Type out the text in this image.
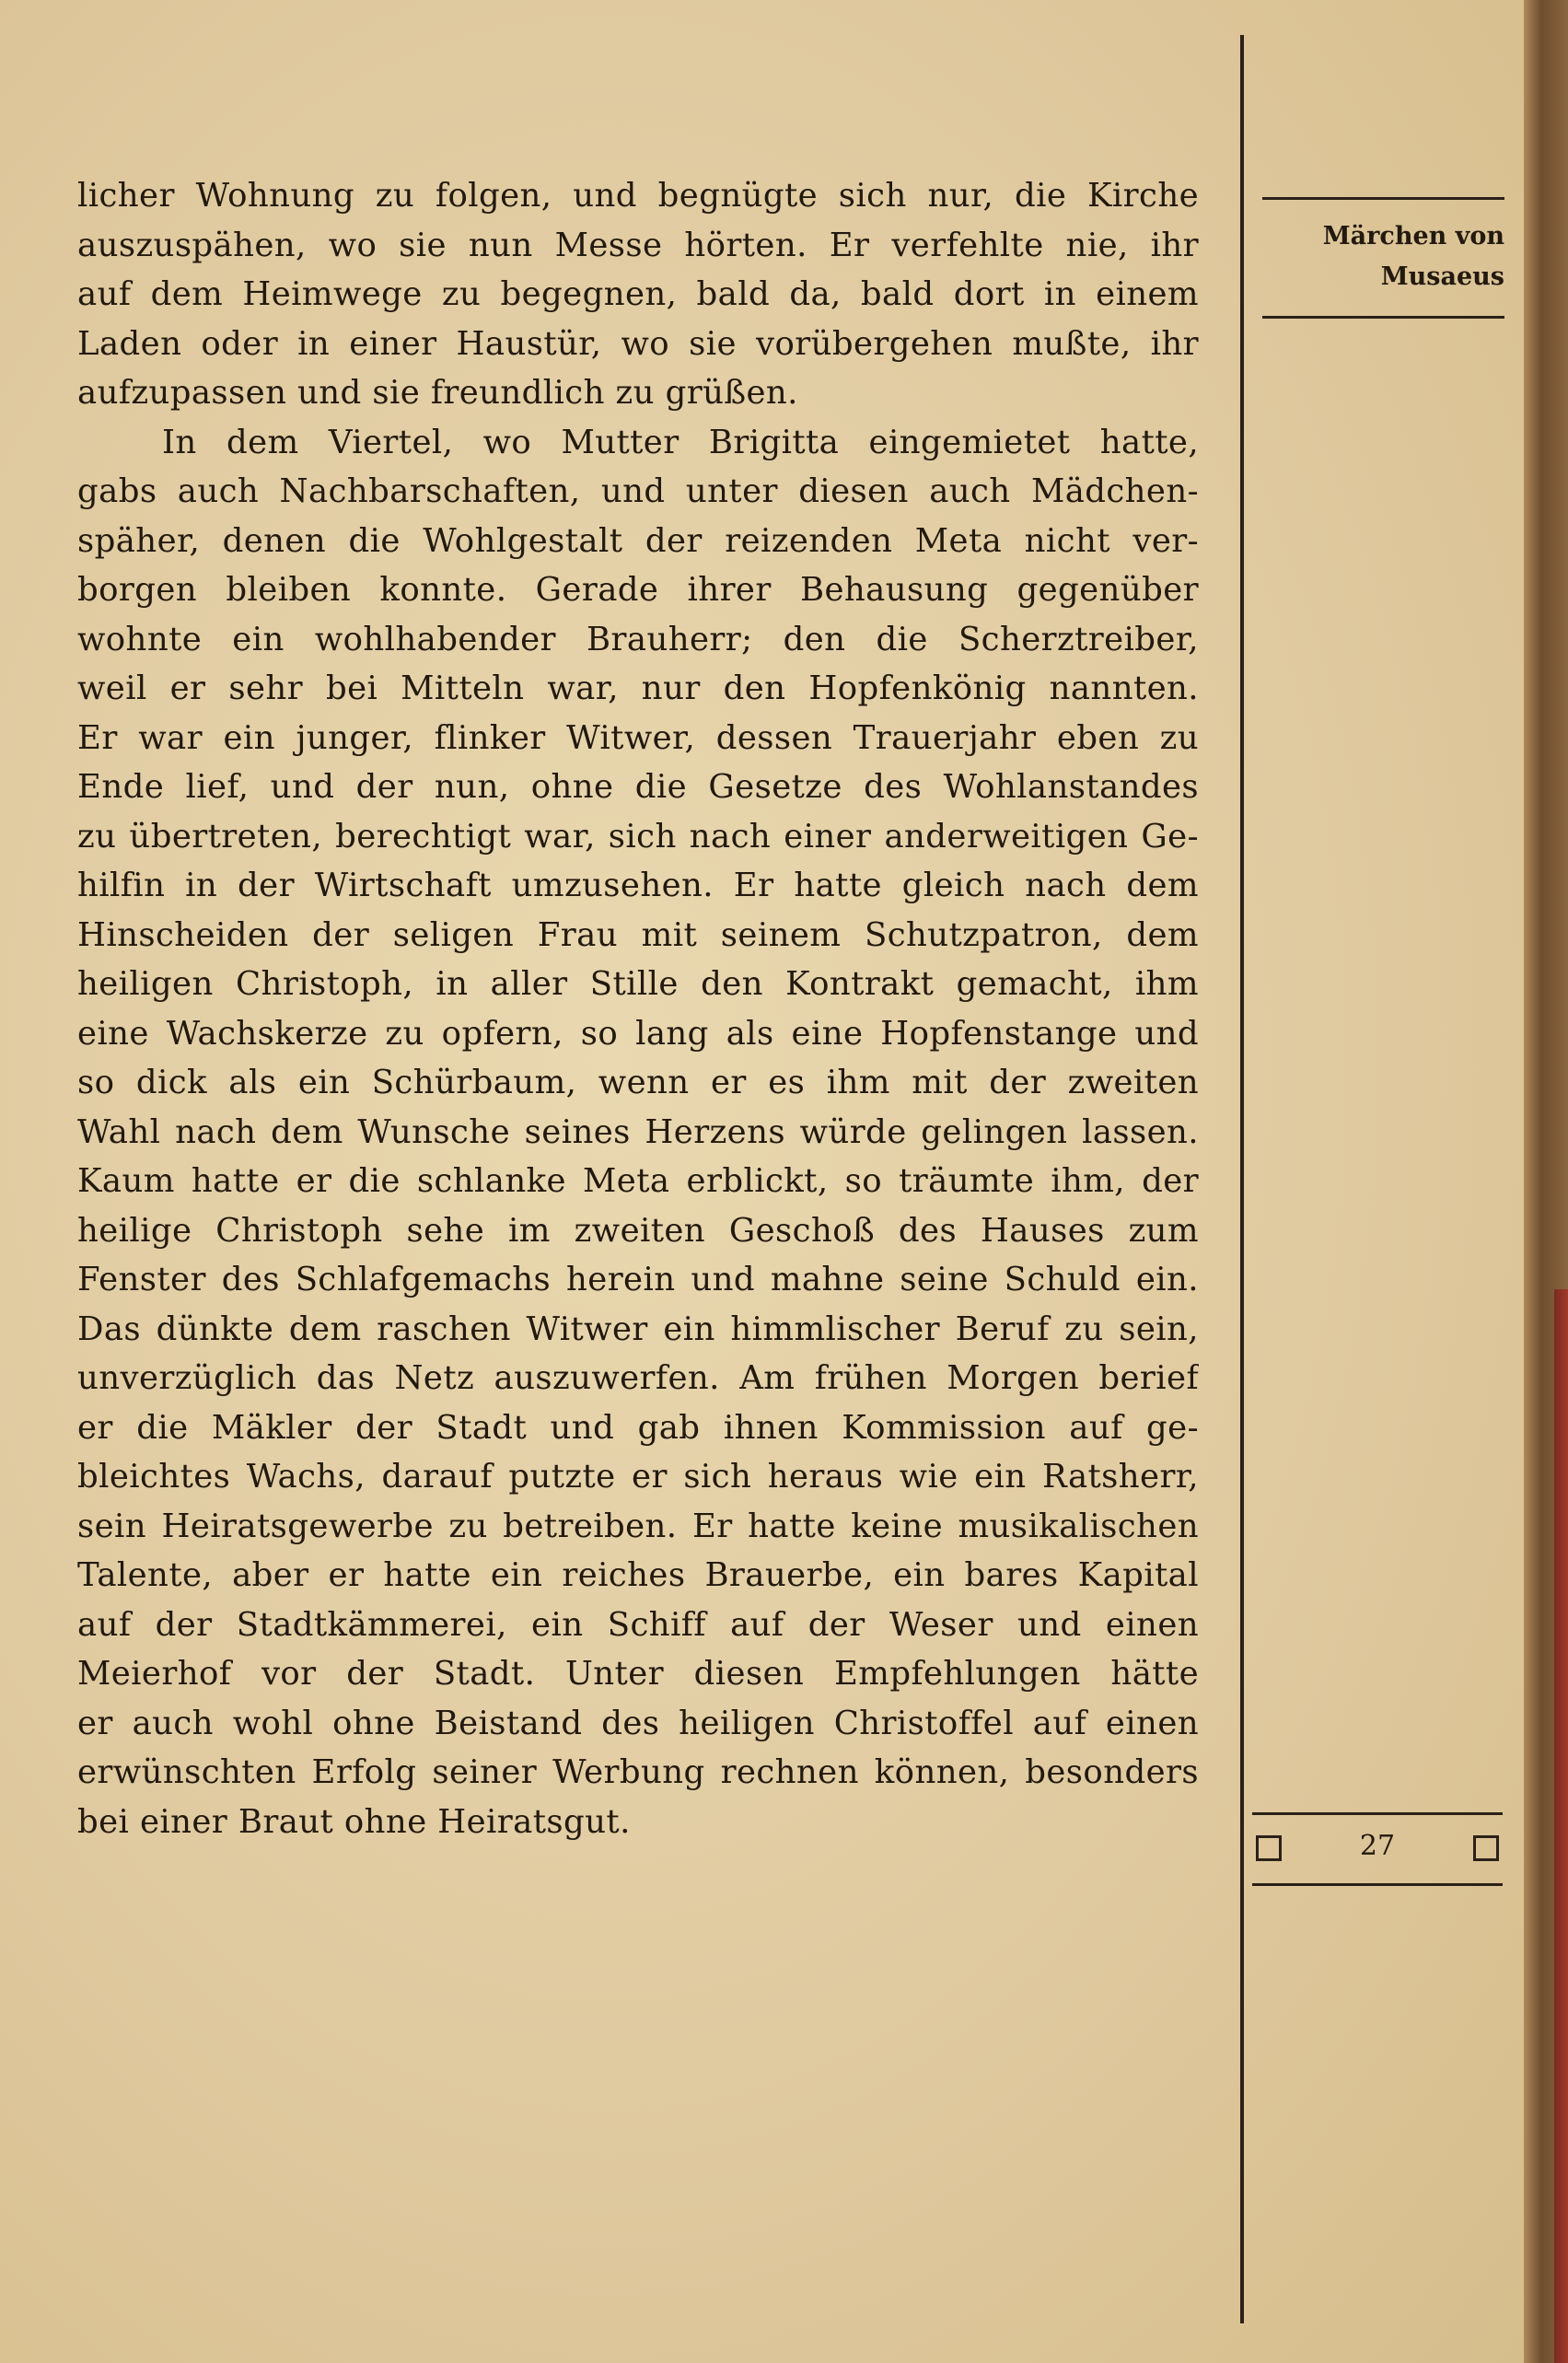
licher Wohnung zu folgen, und begnügte sich nur, die Kirche
auszuspähen, wo sie nun Messe hörten. Er verfehlte nie, ihr
auf dem Heimwege zu begegnen, bald da, bald dort in einem
Laden oder in einer Haustür, wo sie vorübergehen mußte, ihr
aufzupassen und sie freundlich zu grüßen.
In dem Viertel, wo Mutter Brigitta eingemietet hatte,
gabs auch Nachbarschaften, und unter diesen auch Mädchen-
späher, denen die Wohlgestalt der reizenden Meta nicht ver-
borgen bleiben konnte. Gerade ihrer Behausung gegenüber
wohnte ein wohlhabender Brauherr; den die Scherztreiber,
weil er sehr bei Mitteln war, nur den Hopfenkönig nannten.
Er war ein junger, flinker Witwer, dessen Trauerjahr eben zu
Ende lief, und der nun, ohne die Gesetze des Wohlanstandes
zu übertreten, berechtigt war, sich nach einer anderweitigen Ge-
hilfin in der Wirtschaft umzusehen. Er hatte gleich nach dem
Hinscheiden der seligen Frau mit seinem Schutzpatron, dem
heiligen Christoph, in aller Stille den Kontrakt gemacht, ihm
eine Wachskerze zu opfern, so lang als eine Hopfenstange und
so dick als ein Schürbaum, wenn er es ihm mit der zweiten
Wahl nach dem Wunsche seines Herzens würde gelingen lassen.
Kaum hatte er die schlanke Meta erblickt, so träumte ihm, der
heilige Christoph sehe im zweiten Geschoß des Hauses zum
Fenster des Schlafgemachs herein und mahne seine Schuld ein.
Das dünkte dem raschen Witwer ein himmlischer Beruf zu sein,
unverzüglich das Netz auszuwerfen. Am frühen Morgen berief
er die Mäkler der Stadt und gab ihnen Kommission auf ge-
bleichtes Wachs, darauf putzte er sich heraus wie ein Ratsherr,
sein Heiratsgewerbe zu betreiben. Er hatte keine musikalischen
Talente, aber er hatte ein reiches Brauerbe, ein bares Kapital
auf der Stadtkämmerei, ein Schiff auf der Weser und einen
Meierhof vor der Stadt. Unter diesen Empfehlungen hätte
er auch wohl ohne Beistand des heiligen Christoffel auf einen
erwünschten Erfolg seiner Werbung rechnen können, besonders
bei einer Braut ohne Heiratsgut.
Märchen von
Musaeus
27
